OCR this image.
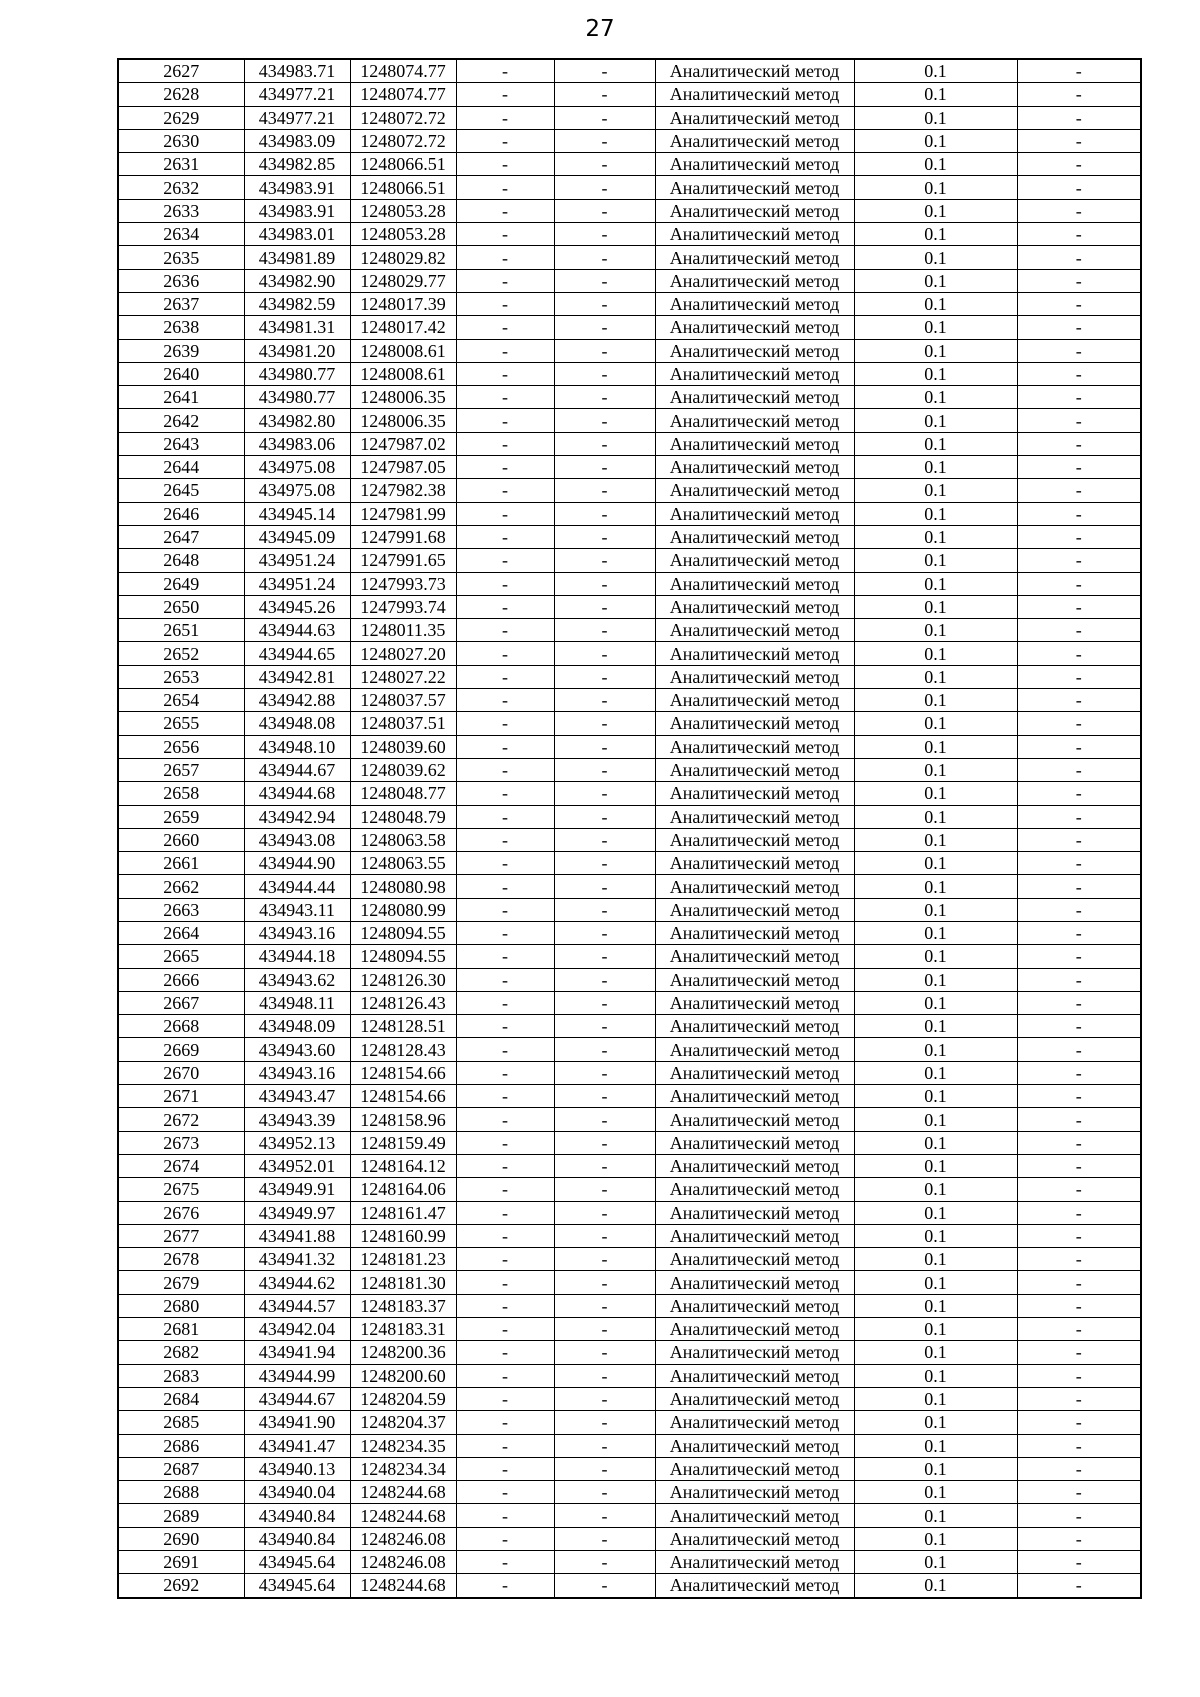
27
2627	434983.71	1248074.77	-	-	Аналитический метод	0.1	-
2628	434977.21	1248074.77	-	-	Аналитический метод	0.1	-
2629	434977.21	1248072.72	-	-	Аналитический метод	0.1	-
2630	434983.09	1248072.72	-	-	Аналитический метод	0.1	-
2631	434982.85	1248066.51	-	-	Аналитический метод	0.1	-
2632	434983.91	1248066.51	-	-	Аналитический метод	0.1	-
2633	434983.91	1248053.28	-	-	Аналитический метод	0.1	-
2634	434983.01	1248053.28	-	-	Аналитический метод	0.1	-
2635	434981.89	1248029.82	-	-	Аналитический метод	0.1	-
2636	434982.90	1248029.77	-	-	Аналитический метод	0.1	-
2637	434982.59	1248017.39	-	-	Аналитический метод	0.1	-
2638	434981.31	1248017.42	-	-	Аналитический метод	0.1	-
2639	434981.20	1248008.61	-	-	Аналитический метод	0.1	-
2640	434980.77	1248008.61	-	-	Аналитический метод	0.1	-
2641	434980.77	1248006.35	-	-	Аналитический метод	0.1	-
2642	434982.80	1248006.35	-	-	Аналитический метод	0.1	-
2643	434983.06	1247987.02	-	-	Аналитический метод	0.1	-
2644	434975.08	1247987.05	-	-	Аналитический метод	0.1	-
2645	434975.08	1247982.38	-	-	Аналитический метод	0.1	-
2646	434945.14	1247981.99	-	-	Аналитический метод	0.1	-
2647	434945.09	1247991.68	-	-	Аналитический метод	0.1	-
2648	434951.24	1247991.65	-	-	Аналитический метод	0.1	-
2649	434951.24	1247993.73	-	-	Аналитический метод	0.1	-
2650	434945.26	1247993.74	-	-	Аналитический метод	0.1	-
2651	434944.63	1248011.35	-	-	Аналитический метод	0.1	-
2652	434944.65	1248027.20	-	-	Аналитический метод	0.1	-
2653	434942.81	1248027.22	-	-	Аналитический метод	0.1	-
2654	434942.88	1248037.57	-	-	Аналитический метод	0.1	-
2655	434948.08	1248037.51	-	-	Аналитический метод	0.1	-
2656	434948.10	1248039.60	-	-	Аналитический метод	0.1	-
2657	434944.67	1248039.62	-	-	Аналитический метод	0.1	-
2658	434944.68	1248048.77	-	-	Аналитический метод	0.1	-
2659	434942.94	1248048.79	-	-	Аналитический метод	0.1	-
2660	434943.08	1248063.58	-	-	Аналитический метод	0.1	-
2661	434944.90	1248063.55	-	-	Аналитический метод	0.1	-
2662	434944.44	1248080.98	-	-	Аналитический метод	0.1	-
2663	434943.11	1248080.99	-	-	Аналитический метод	0.1	-
2664	434943.16	1248094.55	-	-	Аналитический метод	0.1	-
2665	434944.18	1248094.55	-	-	Аналитический метод	0.1	-
2666	434943.62	1248126.30	-	-	Аналитический метод	0.1	-
2667	434948.11	1248126.43	-	-	Аналитический метод	0.1	-
2668	434948.09	1248128.51	-	-	Аналитический метод	0.1	-
2669	434943.60	1248128.43	-	-	Аналитический метод	0.1	-
2670	434943.16	1248154.66	-	-	Аналитический метод	0.1	-
2671	434943.47	1248154.66	-	-	Аналитический метод	0.1	-
2672	434943.39	1248158.96	-	-	Аналитический метод	0.1	-
2673	434952.13	1248159.49	-	-	Аналитический метод	0.1	-
2674	434952.01	1248164.12	-	-	Аналитический метод	0.1	-
2675	434949.91	1248164.06	-	-	Аналитический метод	0.1	-
2676	434949.97	1248161.47	-	-	Аналитический метод	0.1	-
2677	434941.88	1248160.99	-	-	Аналитический метод	0.1	-
2678	434941.32	1248181.23	-	-	Аналитический метод	0.1	-
2679	434944.62	1248181.30	-	-	Аналитический метод	0.1	-
2680	434944.57	1248183.37	-	-	Аналитический метод	0.1	-
2681	434942.04	1248183.31	-	-	Аналитический метод	0.1	-
2682	434941.94	1248200.36	-	-	Аналитический метод	0.1	-
2683	434944.99	1248200.60	-	-	Аналитический метод	0.1	-
2684	434944.67	1248204.59	-	-	Аналитический метод	0.1	-
2685	434941.90	1248204.37	-	-	Аналитический метод	0.1	-
2686	434941.47	1248234.35	-	-	Аналитический метод	0.1	-
2687	434940.13	1248234.34	-	-	Аналитический метод	0.1	-
2688	434940.04	1248244.68	-	-	Аналитический метод	0.1	-
2689	434940.84	1248244.68	-	-	Аналитический метод	0.1	-
2690	434940.84	1248246.08	-	-	Аналитический метод	0.1	-
2691	434945.64	1248246.08	-	-	Аналитический метод	0.1	-
2692	434945.64	1248244.68	-	-	Аналитический метод	0.1	-
